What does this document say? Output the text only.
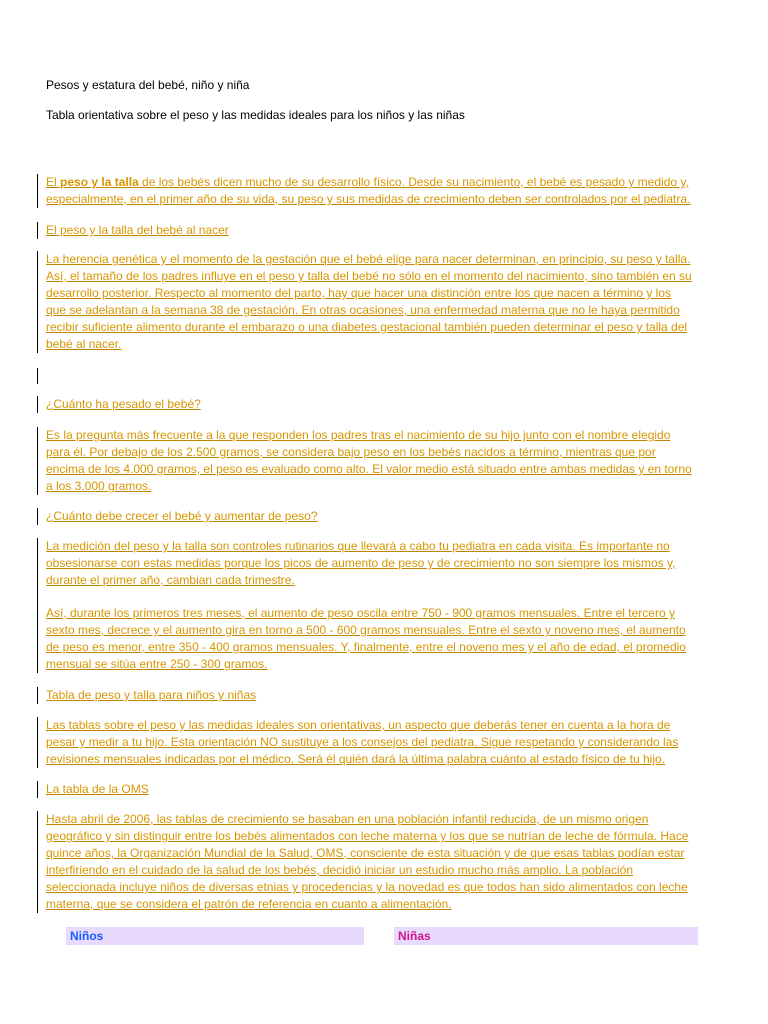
Pesos y estatura del bebé, niño y niña

Tabla orientativa sobre el peso y las medidas ideales para los niños y las niñas

El peso y la talla de los bebés dicen mucho de su desarrollo físico. Desde su nacimiento, el bebé es pesado y medido y,
especialmente, en el primer año de su vida, su peso y sus medidas de crecimiento deben ser controlados por el pediatra.

El peso y la talla del bebé al nacer

La herencia genética y el momento de la gestación que el bebé elige para nacer determinan, en principio, su peso y talla.
Así, el tamaño de los padres influye en el peso y talla del bebé no sólo en el momento del nacimiento, sino también en su
desarrollo posterior. Respecto al momento del parto, hay que hacer una distinción entre los que nacen a término y los
que se adelantan a la semana 38 de gestación. En otras ocasiones, una enfermedad materna que no le haya permitido
recibir suficiente alimento durante el embarazo o una diabetes gestacional también pueden determinar el peso y talla del
bebé al nacer.

¿Cuánto ha pesado el bebé?

Es la pregunta más frecuente a la que responden los padres tras el nacimiento de su hijo junto con el nombre elegido
para él. Por debajo de los 2.500 gramos, se considera bajo peso en los bebés nacidos a término, mientras que por
encima de los 4.000 gramos, el peso es evaluado como alto. El valor medio está situado entre ambas medidas y en torno
a los 3.000 gramos.

¿Cuánto debe crecer el bebé y aumentar de peso?

La medición del peso y la talla son controles rutinarios que llevará a cabo tu pediatra en cada visita. Es importante no
obsesionarse con estas medidas porque los picos de aumento de peso y de crecimiento no son siempre los mismos y,
durante el primer año, cambian cada trimestre.

Así, durante los primeros tres meses, el aumento de peso oscila entre 750 - 900 gramos mensuales. Entre el tercero y
sexto mes, decrece y el aumento gira en torno a 500 - 600 gramos mensuales. Entre el sexto y noveno mes, el aumento
de peso es menor, entre 350 - 400 gramos mensuales. Y, finalmente, entre el noveno mes y el año de edad, el promedio
mensual se sitúa entre 250 - 300 gramos.

Tabla de peso y talla para niños y niñas

Las tablas sobre el peso y las medidas ideales son orientativas, un aspecto que deberás tener en cuenta a la hora de
pesar y medir a tu hijo. Esta orientación NO sustituye a los consejos del pediatra. Sigue respetando y considerando las
revisiones mensuales indicadas por el médico. Será él quién dará la última palabra cuánto al estado físico de tu hijo.

La tabla de la OMS

Hasta abril de 2006, las tablas de crecimiento se basaban en una población infantil reducida, de un mismo origen
geográfico y sin distinguir entre los bebés alimentados con leche materna y los que se nutrían de leche de fórmula. Hace
quince años, la Organización Mundial de la Salud, OMS, consciente de esta situación y de que esas tablas podían estar
interfiriendo en el cuidado de la salud de los bebés, decidió iniciar un estudio mucho más amplio. La población
seleccionada incluye niños de diversas etnias y procedencias y la novedad es que todos han sido alimentados con leche
materna, que se considera el patrón de referencia en cuanto a alimentación.

Niños	Niñas
